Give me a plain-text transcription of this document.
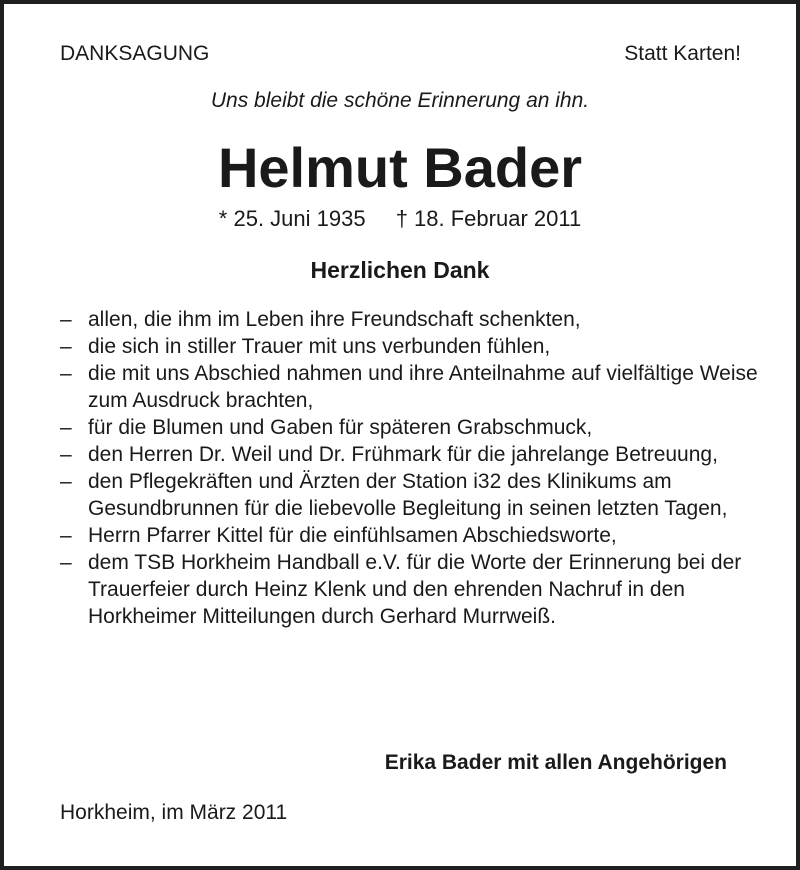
DANKSAGUNG	Statt Karten!
Uns bleibt die schöne Erinnerung an ihn.
Helmut Bader
* 25. Juni 1935 † 18. Februar 2011
Herzlichen Dank
– allen, die ihm im Leben ihre Freundschaft schenkten,
– die sich in stiller Trauer mit uns verbunden fühlen,
– die mit uns Abschied nahmen und ihre Anteilnahme auf vielfältige Weise zum Ausdruck brachten,
– für die Blumen und Gaben für späteren Grabschmuck,
– den Herren Dr. Weil und Dr. Frühmark für die jahrelange Betreuung,
– den Pflegekräften und Ärzten der Station i32 des Klinikums am Gesundbrunnen für die liebevolle Begleitung in seinen letzten Tagen,
– Herrn Pfarrer Kittel für die einfühlsamen Abschiedsworte,
– dem TSB Horkheim Handball e.V. für die Worte der Erinnerung bei der Trauerfeier durch Heinz Klenk und den ehrenden Nachruf in den Horkheimer Mitteilungen durch Gerhard Murrweiß.
Erika Bader mit allen Angehörigen
Horkheim, im März 2011
